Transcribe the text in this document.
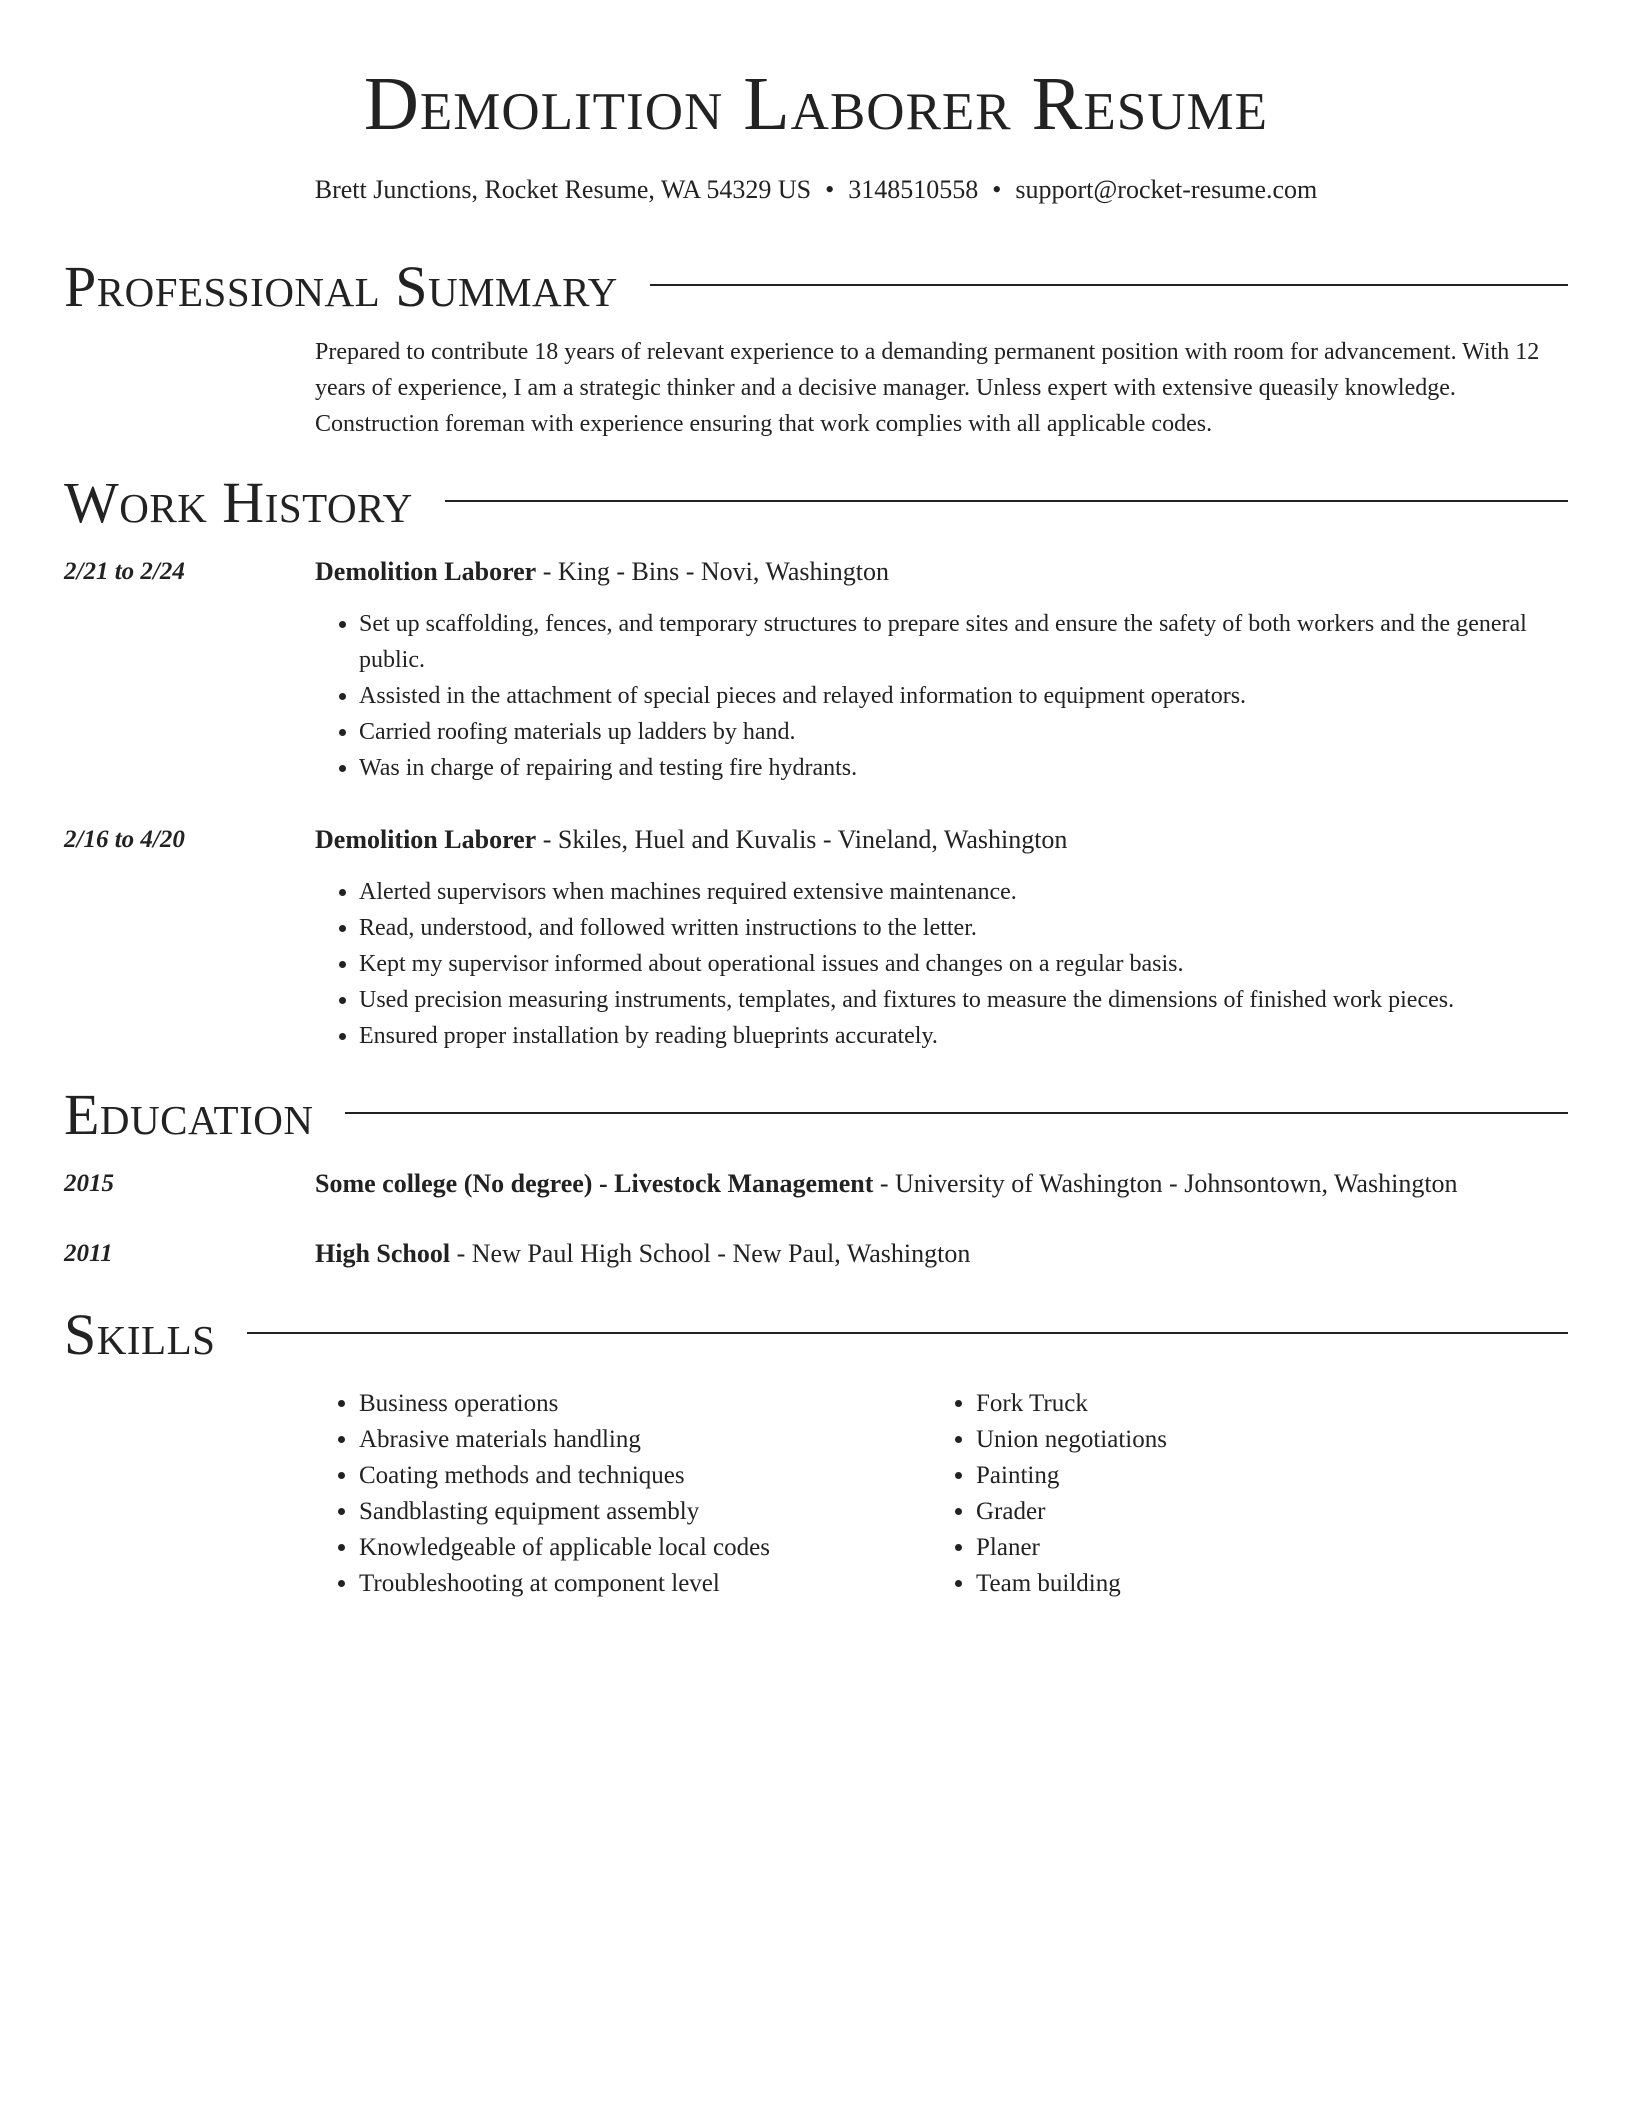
Demolition Laborer Resume
Brett Junctions, Rocket Resume, WA 54329 US • 3148510558 • support@rocket-resume.com
Professional Summary
Prepared to contribute 18 years of relevant experience to a demanding permanent position with room for advancement. With 12 years of experience, I am a strategic thinker and a decisive manager. Unless expert with extensive queasily knowledge. Construction foreman with experience ensuring that work complies with all applicable codes.
Work History
2/21 to 2/24	Demolition Laborer - King - Bins - Novi, Washington
• Set up scaffolding, fences, and temporary structures to prepare sites and ensure the safety of both workers and the general public.
• Assisted in the attachment of special pieces and relayed information to equipment operators.
• Carried roofing materials up ladders by hand.
• Was in charge of repairing and testing fire hydrants.
2/16 to 4/20	Demolition Laborer - Skiles, Huel and Kuvalis - Vineland, Washington
• Alerted supervisors when machines required extensive maintenance.
• Read, understood, and followed written instructions to the letter.
• Kept my supervisor informed about operational issues and changes on a regular basis.
• Used precision measuring instruments, templates, and fixtures to measure the dimensions of finished work pieces.
• Ensured proper installation by reading blueprints accurately.
Education
2015	Some college (No degree) - Livestock Management - University of Washington - Johnsontown, Washington
2011	High School - New Paul High School - New Paul, Washington
Skills
• Business operations
• Abrasive materials handling
• Coating methods and techniques
• Sandblasting equipment assembly
• Knowledgeable of applicable local codes
• Troubleshooting at component level
• Fork Truck
• Union negotiations
• Painting
• Grader
• Planer
• Team building
